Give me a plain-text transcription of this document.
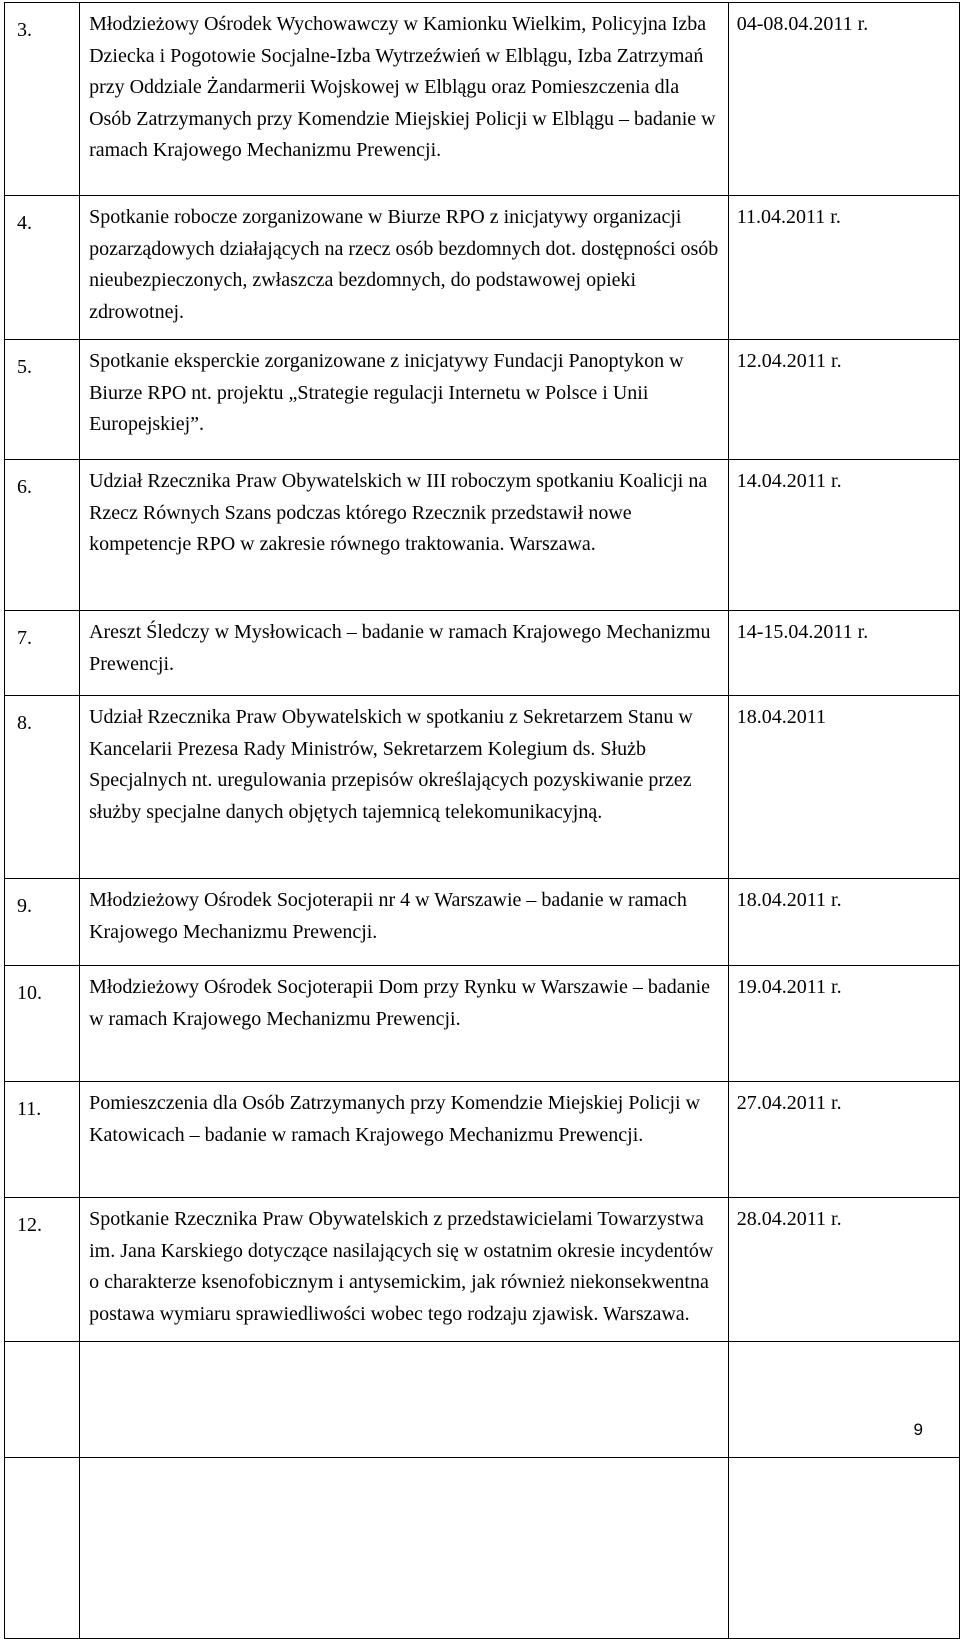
3.	Młodzieżowy Ośrodek Wychowawczy w Kamionku Wielkim, Policyjna Izba Dziecka i Pogotowie Socjalne-Izba Wytrzeźwień w Elblągu, Izba Zatrzymań przy Oddziale Żandarmerii Wojskowej w Elblągu oraz Pomieszczenia dla Osób Zatrzymanych przy Komendzie Miejskiej Policji w Elblągu – badanie w ramach Krajowego Mechanizmu Prewencji.	04-08.04.2011 r.

4.	Spotkanie robocze zorganizowane w Biurze RPO z inicjatywy organizacji pozarządowych działających na rzecz osób bezdomnych dot. dostępności osób nieubezpieczonych, zwłaszcza bezdomnych, do podstawowej opieki zdrowotnej.	11.04.2011 r.

5.	Spotkanie eksperckie zorganizowane z inicjatywy Fundacji Panoptykon w Biurze RPO nt. projektu „Strategie regulacji Internetu w Polsce i Unii Europejskiej”.	12.04.2011 r.

6.	Udział Rzecznika Praw Obywatelskich w III roboczym spotkaniu Koalicji na Rzecz Równych Szans podczas którego Rzecznik przedstawił nowe kompetencje RPO w zakresie równego traktowania. Warszawa.	14.04.2011 r.

7.	Areszt Śledczy w Mysłowicach – badanie w ramach Krajowego Mechanizmu Prewencji.	14-15.04.2011 r.

8.	Udział Rzecznika Praw Obywatelskich w spotkaniu z Sekretarzem Stanu w Kancelarii Prezesa Rady Ministrów, Sekretarzem Kolegium ds. Służb Specjalnych nt. uregulowania przepisów określających pozyskiwanie przez służby specjalne danych objętych tajemnicą telekomunikacyjną.	18.04.2011

9.	Młodzieżowy Ośrodek Socjoterapii nr 4 w Warszawie – badanie w ramach Krajowego Mechanizmu Prewencji.	18.04.2011 r.

10.	Młodzieżowy Ośrodek Socjoterapii Dom przy Rynku w Warszawie – badanie w ramach Krajowego Mechanizmu Prewencji.	19.04.2011 r.

11.	Pomieszczenia dla Osób Zatrzymanych przy Komendzie Miejskiej Policji w Katowicach – badanie w ramach Krajowego Mechanizmu Prewencji.	27.04.2011 r.

12.	Spotkanie Rzecznika Praw Obywatelskich z przedstawicielami Towarzystwa im. Jana Karskiego dotyczące nasilających się w ostatnim okresie incydentów o charakterze ksenofobicznym i antysemickim, jak również niekonsekwentna postawa wymiaru sprawiedliwości wobec tego rodzaju zjawisk. Warszawa.	28.04.2011 r.

9
